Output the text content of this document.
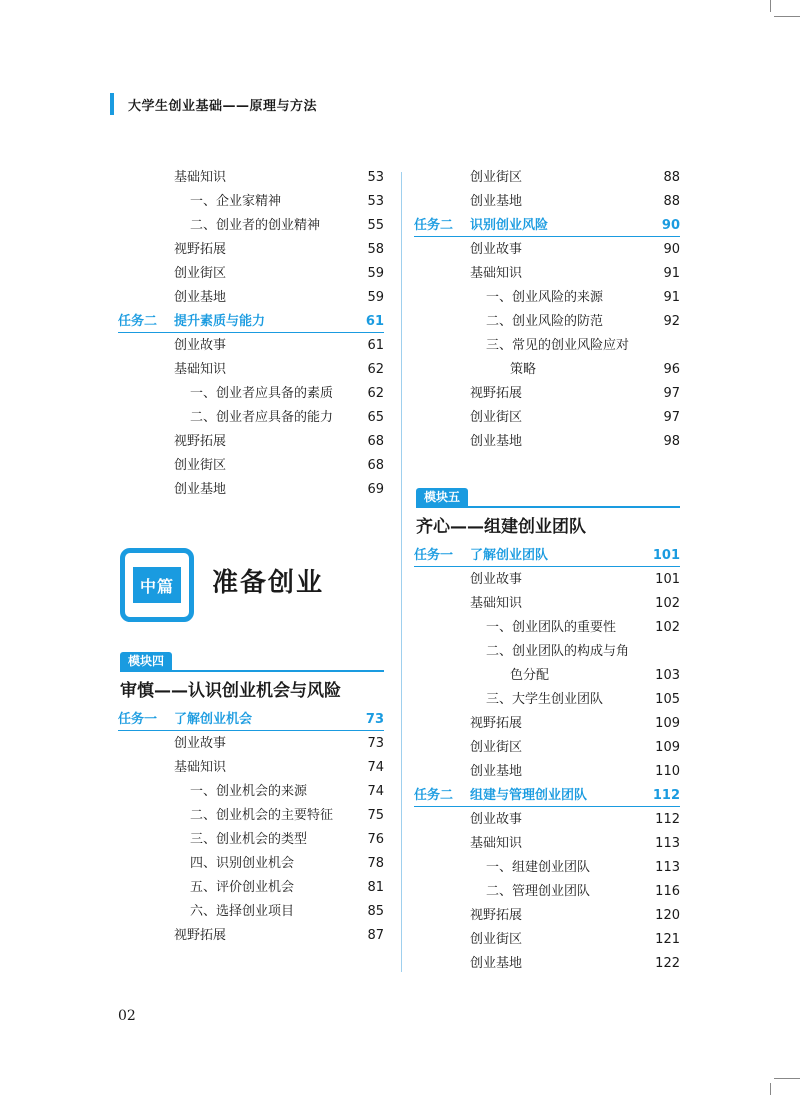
大学生创业基础——原理与方法
基础知识	53
一、企业家精神	53
二、创业者的创业精神	55
视野拓展	58
创业街区	59
创业基地	59
任务二 提升素质与能力	61
创业故事	61
基础知识	62
一、创业者应具备的素质	62
二、创业者应具备的能力	65
视野拓展	68
创业街区	68
创业基地	69
中篇 准备创业
模块四
审慎——认识创业机会与风险
任务一 了解创业机会	73
创业故事	73
基础知识	74
一、创业机会的来源	74
二、创业机会的主要特征	75
三、创业机会的类型	76
四、识别创业机会	78
五、评价创业机会	81
六、选择创业项目	85
视野拓展	87
创业街区	88
创业基地	88
任务二 识别创业风险	90
创业故事	90
基础知识	91
一、创业风险的来源	91
二、创业风险的防范	92
三、常见的创业风险应对
策略	96
视野拓展	97
创业街区	97
创业基地	98
模块五
齐心——组建创业团队
任务一 了解创业团队	101
创业故事	101
基础知识	102
一、创业团队的重要性	102
二、创业团队的构成与角
色分配	103
三、大学生创业团队	105
视野拓展	109
创业街区	109
创业基地	110
任务二 组建与管理创业团队	112
创业故事	112
基础知识	113
一、组建创业团队	113
二、管理创业团队	116
视野拓展	120
创业街区	121
创业基地	122
02
